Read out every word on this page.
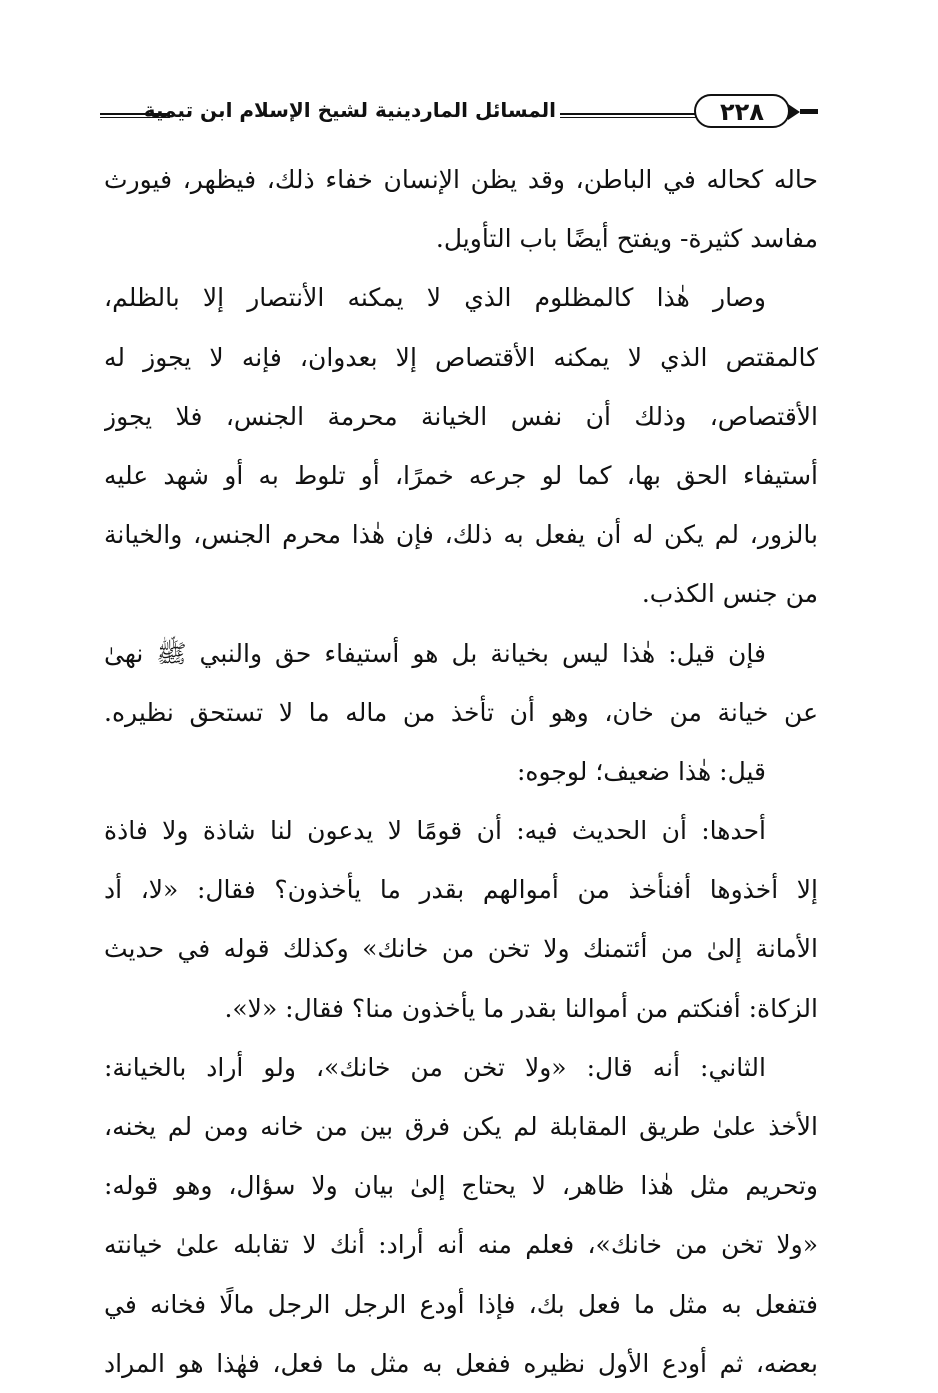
المسائل الماردينية لشيخ الإسلام ابن تيمية	٢٢٨
حاله كحاله في الباطن، وقد يظن الإنسان خفاء ذلك، فيظهر، فيورث
مفاسد كثيرة- ويفتح أيضًا باب التأويل.
وصار هٰذا كالمظلوم الذي لا يمكنه الأنتصار إلا بالظلم،
كالمقتص الذي لا يمكنه الأقتصاص إلا بعدوان، فإنه لا يجوز له
الأقتصاص، وذلك أن نفس الخيانة محرمة الجنس، فلا يجوز
أستيفاء الحق بها، كما لو جرعه خمرًا، أو تلوط به أو شهد عليه
بالزور، لم يكن له أن يفعل به ذلك، فإن هٰذا محرم الجنس، والخيانة
من جنس الكذب.
فإن قيل: هٰذا ليس بخيانة بل هو أستيفاء حق والنبي ﷺ نهىٰ
عن خيانة من خان، وهو أن تأخذ من ماله ما لا تستحق نظيره.
قيل: هٰذا ضعيف؛ لوجوه:
أحدها: أن الحديث فيه: أن قومًا لا يدعون لنا شاذة ولا فاذة
إلا أخذوها أفنأخذ من أموالهم بقدر ما يأخذون؟ فقال: «لا، أد
الأمانة إلىٰ من أئتمنك ولا تخن من خانك» وكذلك قوله في حديث
الزكاة: أفنكتم من أموالنا بقدر ما يأخذون منا؟ فقال: «لا».
الثاني: أنه قال: «ولا تخن من خانك»، ولو أراد بالخيانة:
الأخذ علىٰ طريق المقابلة لم يكن فرق بين من خانه ومن لم يخنه،
وتحريم مثل هٰذا ظاهر، لا يحتاج إلىٰ بيان ولا سؤال، وهو قوله:
«ولا تخن من خانك»، فعلم منه أنه أراد: أنك لا تقابله علىٰ خيانته
فتفعل به مثل ما فعل بك، فإذا أودع الرجل الرجل مالًا فخانه في
بعضه، ثم أودع الأول نظيره ففعل به مثل ما فعل، فهٰذا هو المراد
